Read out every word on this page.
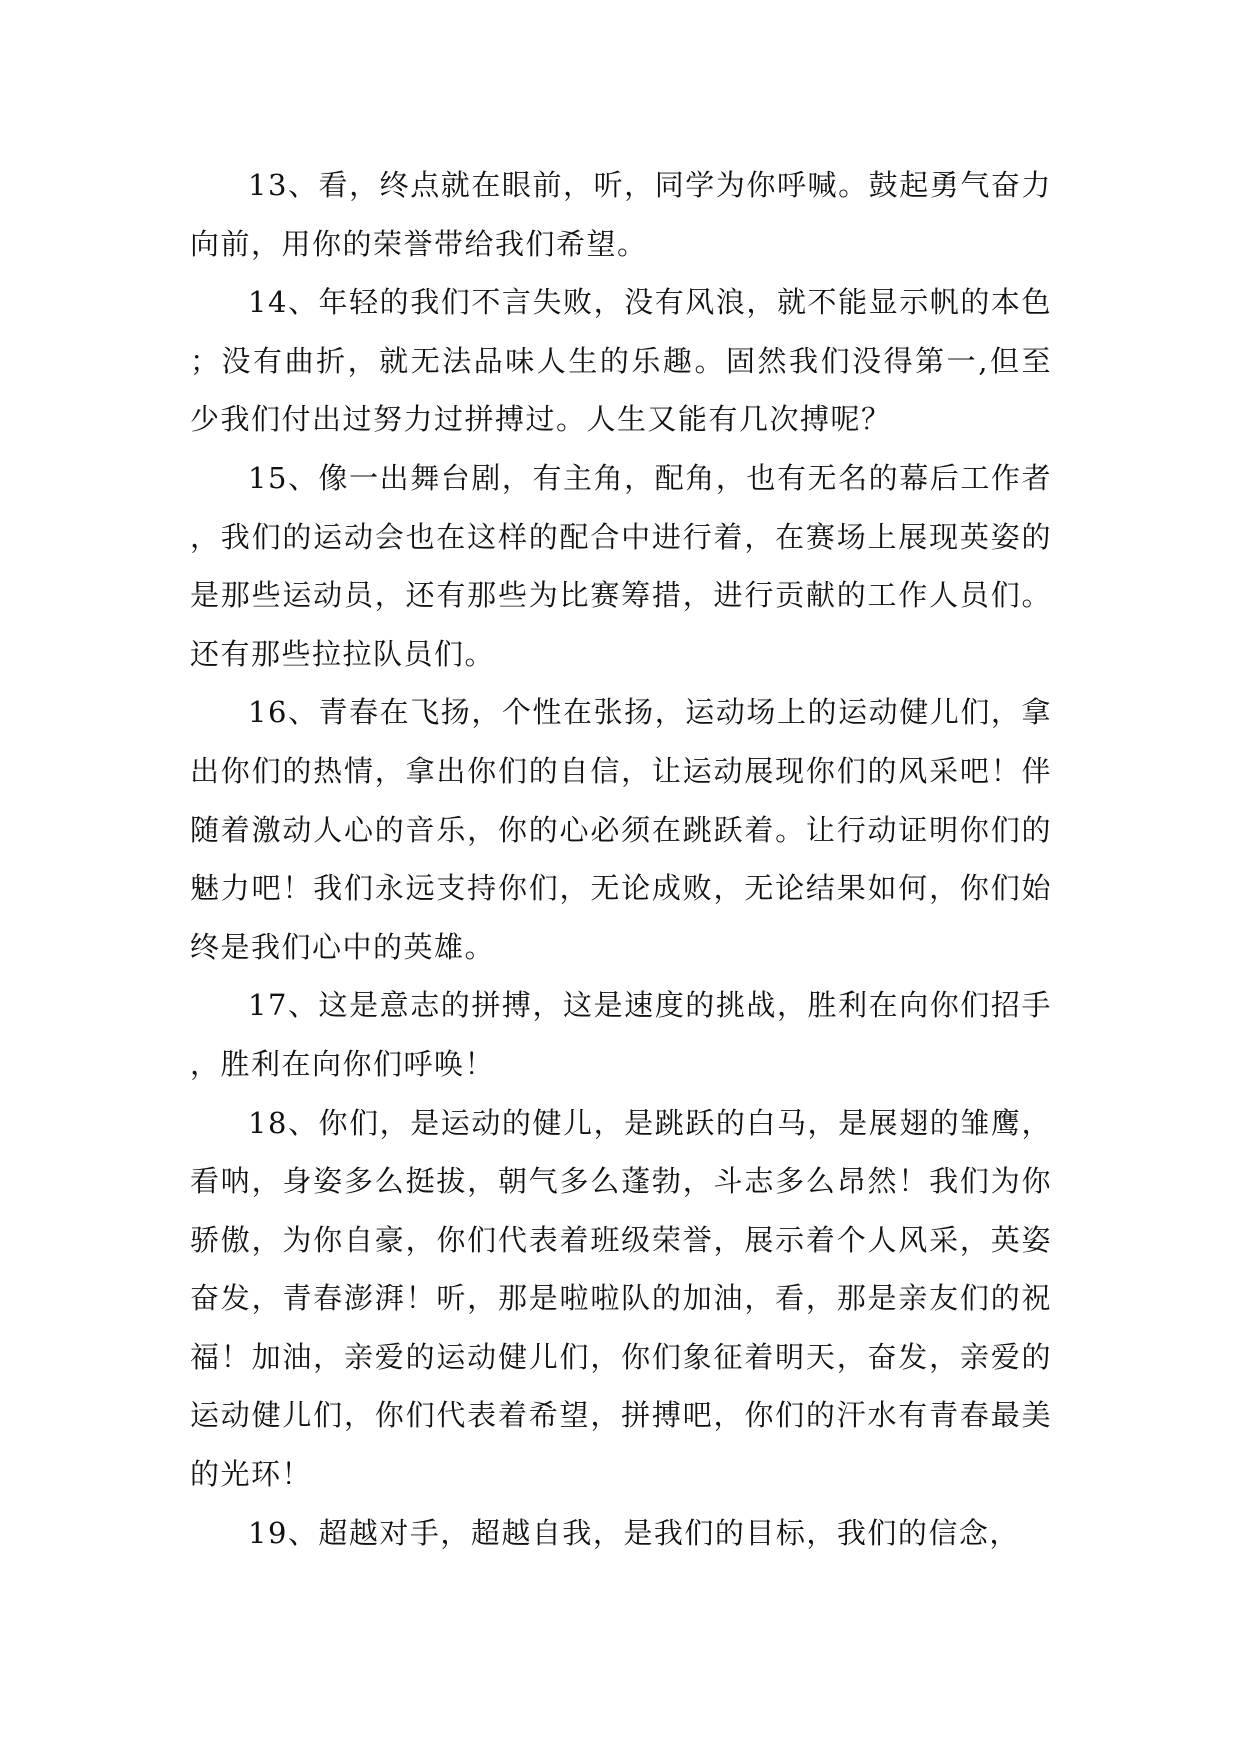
13、看，终点就在眼前，听，同学为你呼喊。鼓起勇气奋力向前，用你的荣誉带给我们希望。

14、年轻的我们不言失败，没有风浪，就不能显示帆的本色；没有曲折，就无法品味人生的乐趣。固然我们没得第一,但至少我们付出过努力过拼搏过。人生又能有几次搏呢？

15、像一出舞台剧，有主角，配角，也有无名的幕后工作者，我们的运动会也在这样的配合中进行着，在赛场上展现英姿的是那些运动员，还有那些为比赛筹措，进行贡献的工作人员们。还有那些拉拉队员们。

16、青春在飞扬，个性在张扬，运动场上的运动健儿们，拿出你们的热情，拿出你们的自信，让运动展现你们的风采吧！伴随着激动人心的音乐，你的心必须在跳跃着。让行动证明你们的魅力吧！我们永远支持你们，无论成败，无论结果如何，你们始终是我们心中的英雄。

17、这是意志的拼搏，这是速度的挑战，胜利在向你们招手，胜利在向你们呼唤！

18、你们，是运动的健儿，是跳跃的白马，是展翅的雏鹰，看呐，身姿多么挺拔，朝气多么蓬勃，斗志多么昂然！我们为你骄傲，为你自豪，你们代表着班级荣誉，展示着个人风采，英姿奋发，青春澎湃！听，那是啦啦队的加油，看，那是亲友们的祝福！加油，亲爱的运动健儿们，你们象征着明天，奋发，亲爱的运动健儿们，你们代表着希望，拼搏吧，你们的汗水有青春最美的光环！

19、超越对手，超越自我，是我们的目标，我们的信念，
